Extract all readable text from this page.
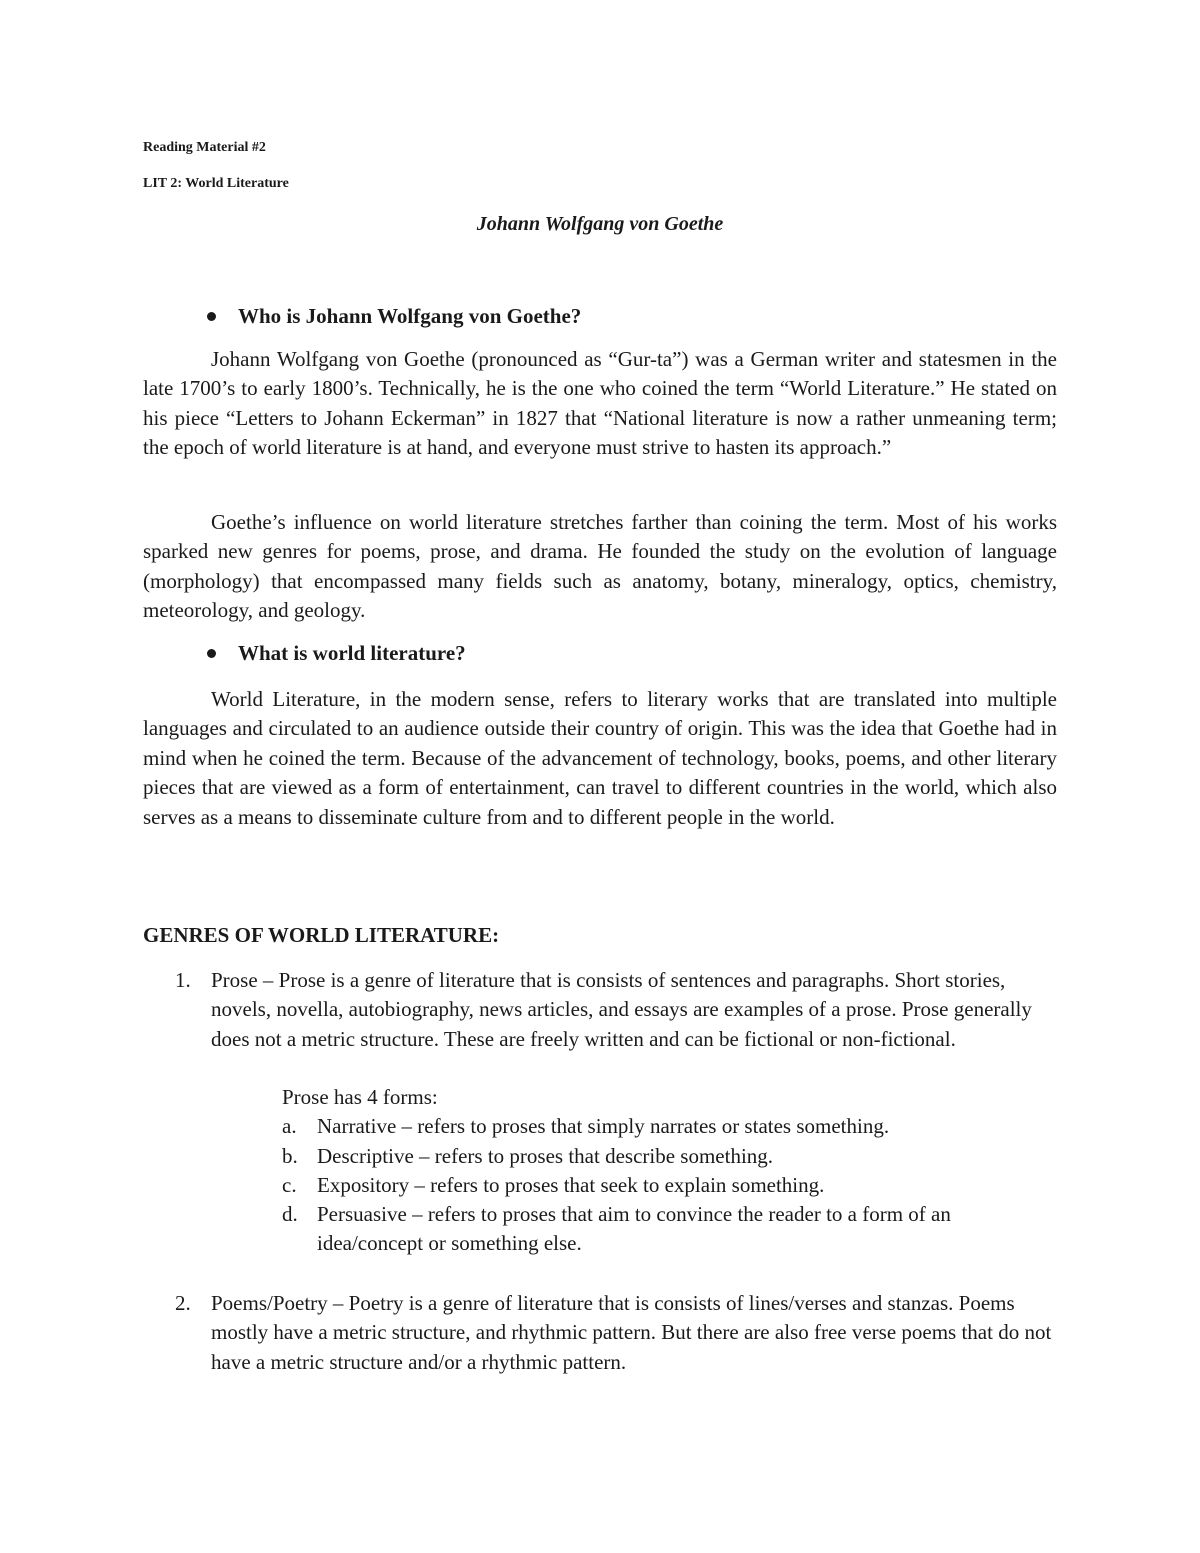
Reading Material #2
LIT 2: World Literature
Johann Wolfgang von Goethe
Who is Johann Wolfgang von Goethe?
Johann Wolfgang von Goethe (pronounced as “Gur-ta”) was a German writer and statesmen in the late 1700’s to early 1800’s. Technically, he is the one who coined the term “World Literature.” He stated on his piece “Letters to Johann Eckerman” in 1827 that “National literature is now a rather unmeaning term; the epoch of world literature is at hand, and everyone must strive to hasten its approach.”
Goethe’s influence on world literature stretches farther than coining the term. Most of his works sparked new genres for poems, prose, and drama. He founded the study on the evolution of language (morphology) that encompassed many fields such as anatomy, botany, mineralogy, optics, chemistry, meteorology, and geology.
What is world literature?
World Literature, in the modern sense, refers to literary works that are translated into multiple languages and circulated to an audience outside their country of origin. This was the idea that Goethe had in mind when he coined the term. Because of the advancement of technology, books, poems, and other literary pieces that are viewed as a form of entertainment, can travel to different countries in the world, which also serves as a means to disseminate culture from and to different people in the world.
GENRES OF WORLD LITERATURE:
1. Prose – Prose is a genre of literature that is consists of sentences and paragraphs. Short stories, novels, novella, autobiography, news articles, and essays are examples of a prose. Prose generally does not a metric structure. These are freely written and can be fictional or non-fictional.
Prose has 4 forms:
a. Narrative – refers to proses that simply narrates or states something.
b. Descriptive – refers to proses that describe something.
c. Expository – refers to proses that seek to explain something.
d. Persuasive – refers to proses that aim to convince the reader to a form of an idea/concept or something else.
2. Poems/Poetry – Poetry is a genre of literature that is consists of lines/verses and stanzas. Poems mostly have a metric structure, and rhythmic pattern. But there are also free verse poems that do not have a metric structure and/or a rhythmic pattern.
